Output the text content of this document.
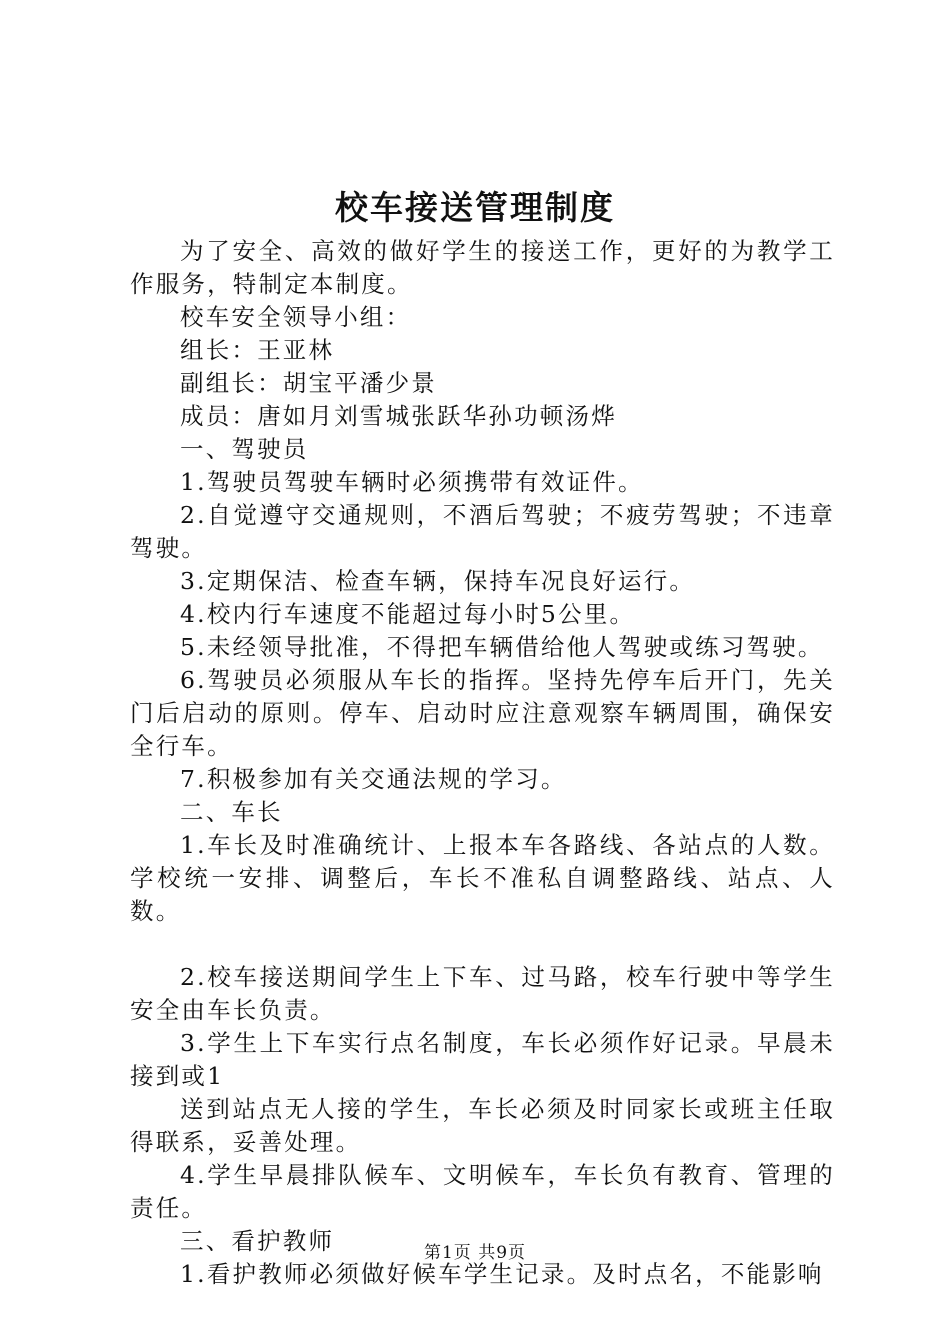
校车接送管理制度

为了安全、高效的做好学生的接送工作，更好的为教学工作服务，特制定本制度。

校车安全领导小组：

组长：王亚林

副组长：胡宝平潘少景

成员：唐如月刘雪城张跃华孙功顿汤烨

一、驾驶员

1.驾驶员驾驶车辆时必须携带有效证件。

2.自觉遵守交通规则，不酒后驾驶；不疲劳驾驶；不违章驾驶。

3.定期保洁、检查车辆，保持车况良好运行。

4.校内行车速度不能超过每小时5公里。

5.未经领导批准，不得把车辆借给他人驾驶或练习驾驶。

6.驾驶员必须服从车长的指挥。坚持先停车后开门，先关门后启动的原则。停车、启动时应注意观察车辆周围，确保安全行车。

7.积极参加有关交通法规的学习。

二、车长

1.车长及时准确统计、上报本车各路线、各站点的人数。学校统一安排、调整后，车长不准私自调整路线、站点、人数。

2.校车接送期间学生上下车、过马路，校车行驶中等学生安全由车长负责。

3.学生上下车实行点名制度，车长必须作好记录。早晨未接到或1

送到站点无人接的学生，车长必须及时同家长或班主任取得联系，妥善处理。

4.学生早晨排队候车、文明候车，车长负有教育、管理的责任。

三、看护教师

1.看护教师必须做好候车学生记录。及时点名，不能影响

第1页 共9页
